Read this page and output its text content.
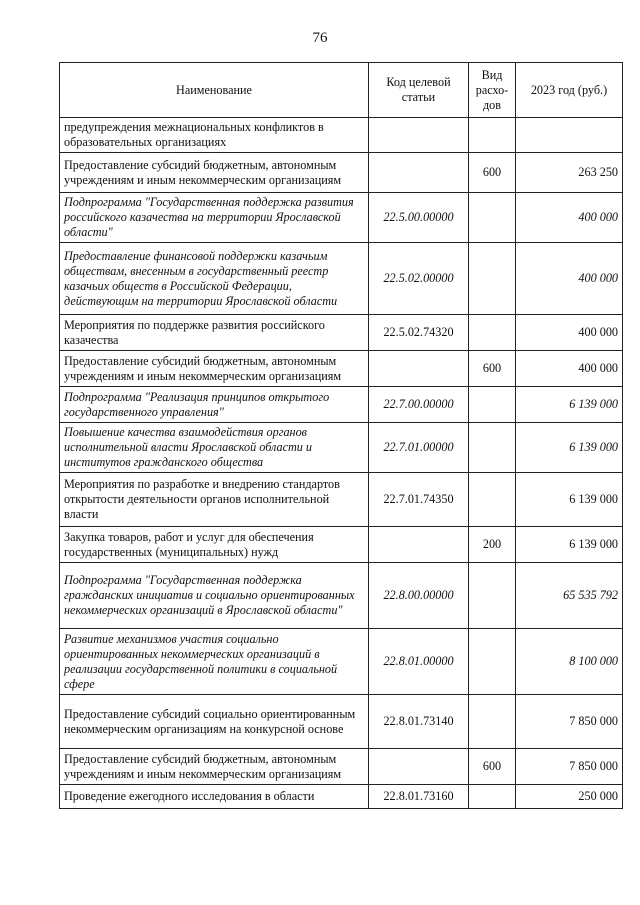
76
Наименование	Код целевой статьи	Вид расхо-дов	2023 год (руб.)
предупреждения межнациональных конфликтов в образовательных организациях			
Предоставление субсидий бюджетным, автономным учреждениям и иным некоммерческим организациям		600	263 250
Подпрограмма "Государственная поддержка развития российского казачества на территории Ярославской области"	22.5.00.00000		400 000
Предоставление финансовой поддержки казачьим обществам, внесенным в государственный реестр казачьих обществ в Российской Федерации, действующим на территории Ярославской области	22.5.02.00000		400 000
Мероприятия по поддержке развития российского казачества	22.5.02.74320		400 000
Предоставление субсидий бюджетным, автономным учреждениям и иным некоммерческим организациям		600	400 000
Подпрограмма "Реализация принципов открытого государственного управления"	22.7.00.00000		6 139 000
Повышение качества взаимодействия органов исполнительной власти Ярославской области и институтов гражданского общества	22.7.01.00000		6 139 000
Мероприятия по разработке и внедрению стандартов открытости деятельности органов исполнительной власти	22.7.01.74350		6 139 000
Закупка товаров, работ и услуг для обеспечения государственных (муниципальных) нужд		200	6 139 000
Подпрограмма "Государственная поддержка гражданских инициатив и социально ориентированных некоммерческих организаций в Ярославской области"	22.8.00.00000		65 535 792
Развитие механизмов участия социально ориентированных некоммерческих организаций в реализации государственной политики в социальной сфере	22.8.01.00000		8 100 000
Предоставление субсидий социально ориентированным некоммерческим организациям на конкурсной основе	22.8.01.73140		7 850 000
Предоставление субсидий бюджетным, автономным учреждениям и иным некоммерческим организациям		600	7 850 000
Проведение ежегодного исследования в области	22.8.01.73160		250 000
